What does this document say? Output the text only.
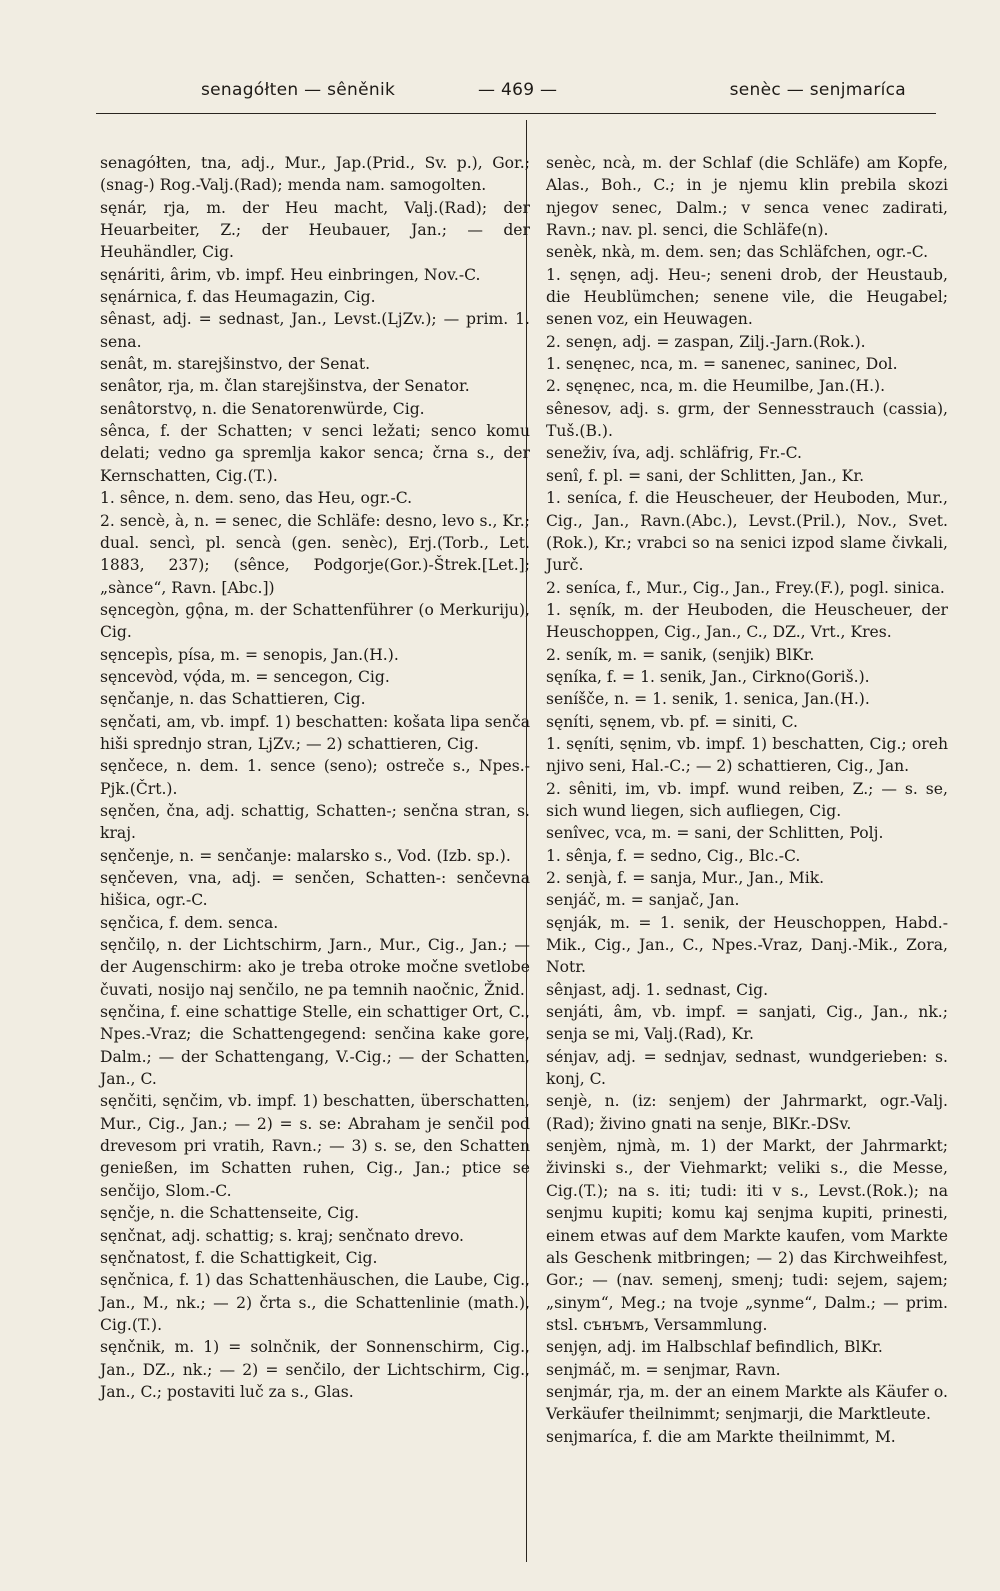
senagółten — sêněnik	— 469 —	senèc — senjmaríca

senagółten, tna, adj., Mur., Jap.(Prid., Sv. p.), Gor.; (snag-) Rog.-Valj.(Rad); menda nam. samogolten.

sęnár, rja, m. der Heu macht, Valj.(Rad); der Heuarbeiter, Z.; der Heubauer, Jan.; — der Heuhändler, Cig.

sęnáriti, ârim, vb. impf. Heu einbringen, Nov.-C.

sęnárnica, f. das Heumagazin, Cig.

sênast, adj. = sednast, Jan., Levst.(LjZv.); — prim. 1. sena.

senât, m. starejšinstvo, der Senat.

senâtor, rja, m. član starejšinstva, der Senator.

senâtorstvǫ, n. die Senatorenwürde, Cig.

sênca, f. der Schatten; v senci ležati; senco komu delati; vedno ga spremlja kakor senca; črna s., der Kernschatten, Cig.(T.).

1. sênce, n. dem. seno, das Heu, ogr.-C.

2. sencè, à, n. = senec, die Schläfe: desno, levo s., Kr.; dual. sencì, pl. sencà (gen. senèc), Erj.(Torb., Let. 1883, 237); (sênce, Podgorje(Gor.)-Štrek.[Let.]; „sànce“, Ravn. [Abc.])

sęncegòn, gǫ̑na, m. der Schattenführer (o Merkuriju), Cig.

sęncepìs, písa, m. = senopis, Jan.(H.).

sęncevòd, vǫ́da, m. = sencegon, Cig.

sęnčanje, n. das Schattieren, Cig.

sęnčati, am, vb. impf. 1) beschatten: košata lipa senča hiši sprednjo stran, LjZv.; — 2) schattieren, Cig.

sęnčece, n. dem. 1. sence (seno); ostreče s., Npes.-Pjk.(Črt.).

sęnčen, čna, adj. schattig, Schatten-; senčna stran, s. kraj.

sęnčenje, n. = senčanje: malarsko s., Vod. (Izb. sp.).

sęnčeven, vna, adj. = senčen, Schatten-: senčevna hišica, ogr.-C.

sęnčica, f. dem. senca.

sęnčilǫ, n. der Lichtschirm, Jarn., Mur., Cig., Jan.; — der Augenschirm: ako je treba otroke močne svetlobe čuvati, nosijo naj senčilo, ne pa temnih naočnic, Žnid.

sęnčina, f. eine schattige Stelle, ein schattiger Ort, C., Npes.-Vraz; die Schattengegend: senčina kake gore, Dalm.; — der Schattengang, V.-Cig.; — der Schatten, Jan., C.

sęnčiti, sęnčim, vb. impf. 1) beschatten, überschatten, Mur., Cig., Jan.; — 2) = s. se: Abraham je senčil pod drevesom pri vratih, Ravn.; — 3) s. se, den Schatten genießen, im Schatten ruhen, Cig., Jan.; ptice se senčijo, Slom.-C.

sęnčje, n. die Schattenseite, Cig.

sęnčnat, adj. schattig; s. kraj; senčnato drevo.

sęnčnatost, f. die Schattigkeit, Cig.

sęnčnica, f. 1) das Schattenhäuschen, die Laube, Cig., Jan., M., nk.; — 2) črta s., die Schattenlinie (math.), Cig.(T.).

sęnčnik, m. 1) = solnčnik, der Sonnenschirm, Cig., Jan., DZ., nk.; — 2) = senčilo, der Lichtschirm, Cig., Jan., C.; postaviti luč za s., Glas.

senèc, ncà, m. der Schlaf (die Schläfe) am Kopfe, Alas., Boh., C.; in je njemu klin prebila skozi njegov senec, Dalm.; v senca venec zadirati, Ravn.; nav. pl. senci, die Schläfe(n).

senèk, nkà, m. dem. sen; das Schläfchen, ogr.-C.

1. sęnȩn, adj. Heu-; seneni drob, der Heustaub, die Heublümchen; senene vile, die Heugabel; senen voz, ein Heuwagen.

2. senȩn, adj. = zaspan, Zilj.-Jarn.(Rok.).

1. senęnec, nca, m. = sanenec, saninec, Dol.

2. sęnęnec, nca, m. die Heumilbe, Jan.(H.).

sênesov, adj. s. grm, der Sennesstrauch (cassia), Tuš.(B.).

seneživ, íva, adj. schläfrig, Fr.-C.

senî, f. pl. = sani, der Schlitten, Jan., Kr.

1. seníca, f. die Heuscheuer, der Heuboden, Mur., Cig., Jan., Ravn.(Abc.), Levst.(Pril.), Nov., Svet.(Rok.), Kr.; vrabci so na senici izpod slame čivkali, Jurč.

2. seníca, f., Mur., Cig., Jan., Frey.(F.), pogl. sinica.

1. sęník, m. der Heuboden, die Heuscheuer, der Heuschoppen, Cig., Jan., C., DZ., Vrt., Kres.

2. seník, m. = sanik, (senjik) BlKr.

sęníka, f. = 1. senik, Jan., Cirkno(Goriš.).

seníšče, n. = 1. senik, 1. senica, Jan.(H.).

sęníti, sęnem, vb. pf. = siniti, C.

1. sęníti, sęnim, vb. impf. 1) beschatten, Cig.; oreh njivo seni, Hal.-C.; — 2) schattieren, Cig., Jan.

2. sêniti, im, vb. impf. wund reiben, Z.; — s. se, sich wund liegen, sich aufliegen, Cig.

senîvec, vca, m. = sani, der Schlitten, Polj.

1. sênja, f. = sedno, Cig., Blc.-C.

2. senjà, f. = sanja, Mur., Jan., Mik.

senjáč, m. = sanjač, Jan.

sęnják, m. = 1. senik, der Heuschoppen, Habd.-Mik., Cig., Jan., C., Npes.-Vraz, Danj.-Mik., Zora, Notr.

sênjast, adj. 1. sednast, Cig.

senjáti, âm, vb. impf. = sanjati, Cig., Jan., nk.; senja se mi, Valj.(Rad), Kr.

sénjav, adj. = sednjav, sednast, wundgerieben: s. konj, C.

senjè, n. (iz: senjem) der Jahrmarkt, ogr.-Valj.(Rad); živino gnati na senje, BlKr.-DSv.

senjèm, njmà, m. 1) der Markt, der Jahrmarkt; živinski s., der Viehmarkt; veliki s., die Messe, Cig.(T.); na s. iti; tudi: iti v s., Levst.(Rok.); na senjmu kupiti; komu kaj senjma kupiti, prinesti, einem etwas auf dem Markte kaufen, vom Markte als Geschenk mitbringen; — 2) das Kirchweihfest, Gor.; — (nav. semenj, smenj; tudi: sejem, sajem; „sinym“, Meg.; na tvoje „synme“, Dalm.; — prim. stsl. сънъмъ, Versammlung.

senjȩn, adj. im Halbschlaf befindlich, BlKr.

senjmáč, m. = senjmar, Ravn.

senjmár, rja, m. der an einem Markte als Käufer o. Verkäufer theilnimmt; senjmarji, die Marktleute.

senjmaríca, f. die am Markte theilnimmt, M.
